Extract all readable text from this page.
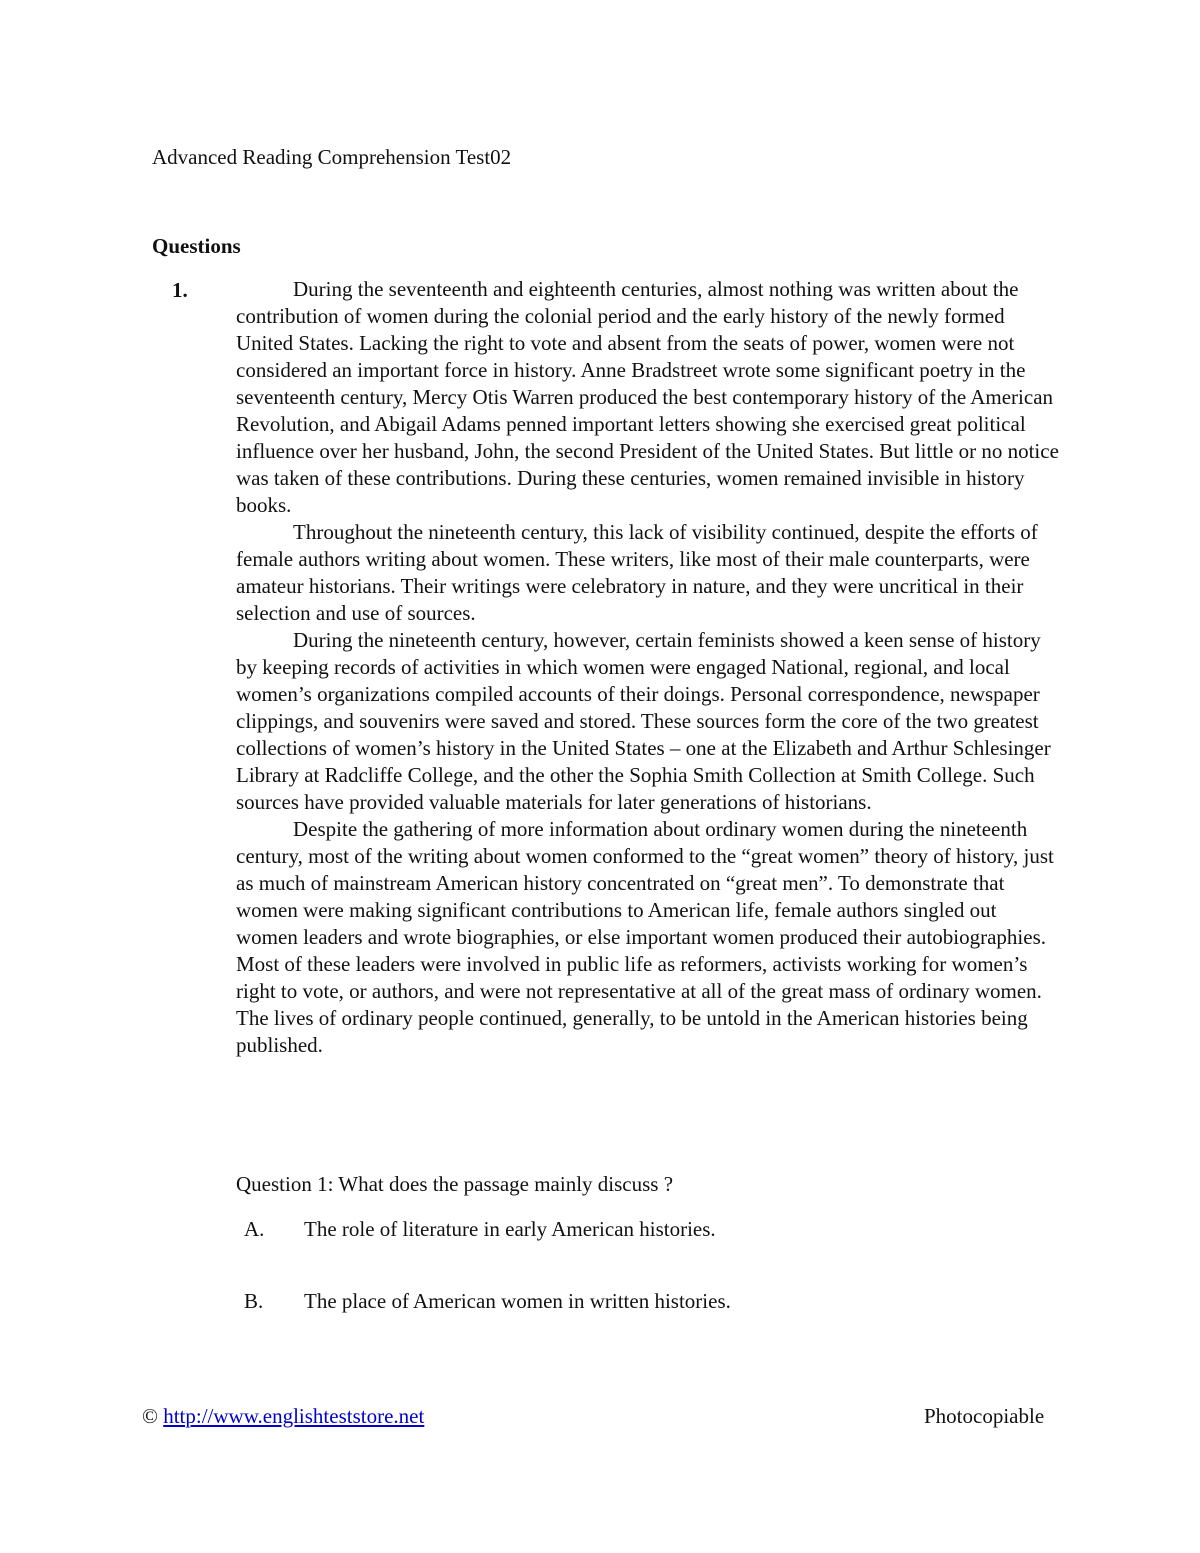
Advanced Reading Comprehension Test02
Questions
1.	During the seventeenth and eighteenth centuries, almost nothing was written about the contribution of women during the colonial period and the early history of the newly formed United States. Lacking the right to vote and absent from the seats of power, women were not considered an important force in history. Anne Bradstreet wrote some significant poetry in the seventeenth century, Mercy Otis Warren produced the best contemporary history of the American Revolution, and Abigail Adams penned important letters showing she exercised great political influence over her husband, John, the second President of the United States. But little or no notice was taken of these contributions. During these centuries, women remained invisible in history books.

Throughout the nineteenth century, this lack of visibility continued, despite the efforts of female authors writing about women. These writers, like most of their male counterparts, were amateur historians. Their writings were celebratory in nature, and they were uncritical in their selection and use of sources.

During the nineteenth century, however, certain feminists showed a keen sense of history by keeping records of activities in which women were engaged National, regional, and local women’s organizations compiled accounts of their doings. Personal correspondence, newspaper clippings, and souvenirs were saved and stored. These sources form the core of the two greatest collections of women’s history in the United States – one at the Elizabeth and Arthur Schlesinger Library at Radcliffe College, and the other the Sophia Smith Collection at Smith College. Such sources have provided valuable materials for later generations of historians.

Despite the gathering of more information about ordinary women during the nineteenth century, most of the writing about women conformed to the “great women” theory of history, just as much of mainstream American history concentrated on “great men”. To demonstrate that women were making significant contributions to American life, female authors singled out women leaders and wrote biographies, or else important women produced their autobiographies. Most of these leaders were involved in public life as reformers, activists working for women’s right to vote, or authors, and were not representative at all of the great mass of ordinary women. The lives of ordinary people continued, generally, to be untold in the American histories being published.

Question 1: What does the passage mainly discuss ?
A. The role of literature in early American histories.
B. The place of American women in written histories.
© http://www.englishteststore.net	Photocopiable
